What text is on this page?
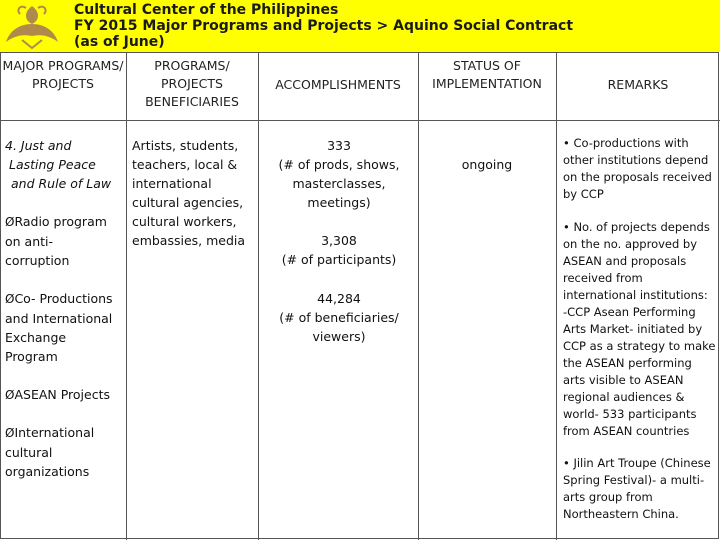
Cultural Center of the Philippines
FY 2015 Major Programs and Projects > Aquino Social Contract
(as of June)
MAJOR PROGRAMS/ PROJECTS
PROGRAMS/ PROJECTS BENEFICIARIES
ACCOMPLISHMENTS
STATUS OF IMPLEMENTATION	REMARKS
4. Just and
Lasting Peace
and Rule of Law
ØRadio program
on anti-
corruption
ØCo- Productions
and International
Exchange
Program
ØASEAN Projects
ØInternational
cultural
organizations
Artists, students,
teachers, local &
international
cultural agencies,
cultural workers,
embassies, media
333
(# of prods, shows,
masterclasses,
meetings)
3,308
(# of participants)
44,284
(# of beneficiaries/
viewers)
ongoing
• Co-productions with
other institutions depend
on the proposals received
by CCP
• No. of projects depends
on the no. approved by
ASEAN and proposals
received from
international institutions:
-CCP Asean Performing
Arts Market- initiated by
CCP as a strategy to make
the ASEAN performing
arts visible to ASEAN
regional audiences &
world- 533 participants
from ASEAN countries
• Jilin Art Troupe (Chinese
Spring Festival)- a multi-
arts group from
Northeastern China.
